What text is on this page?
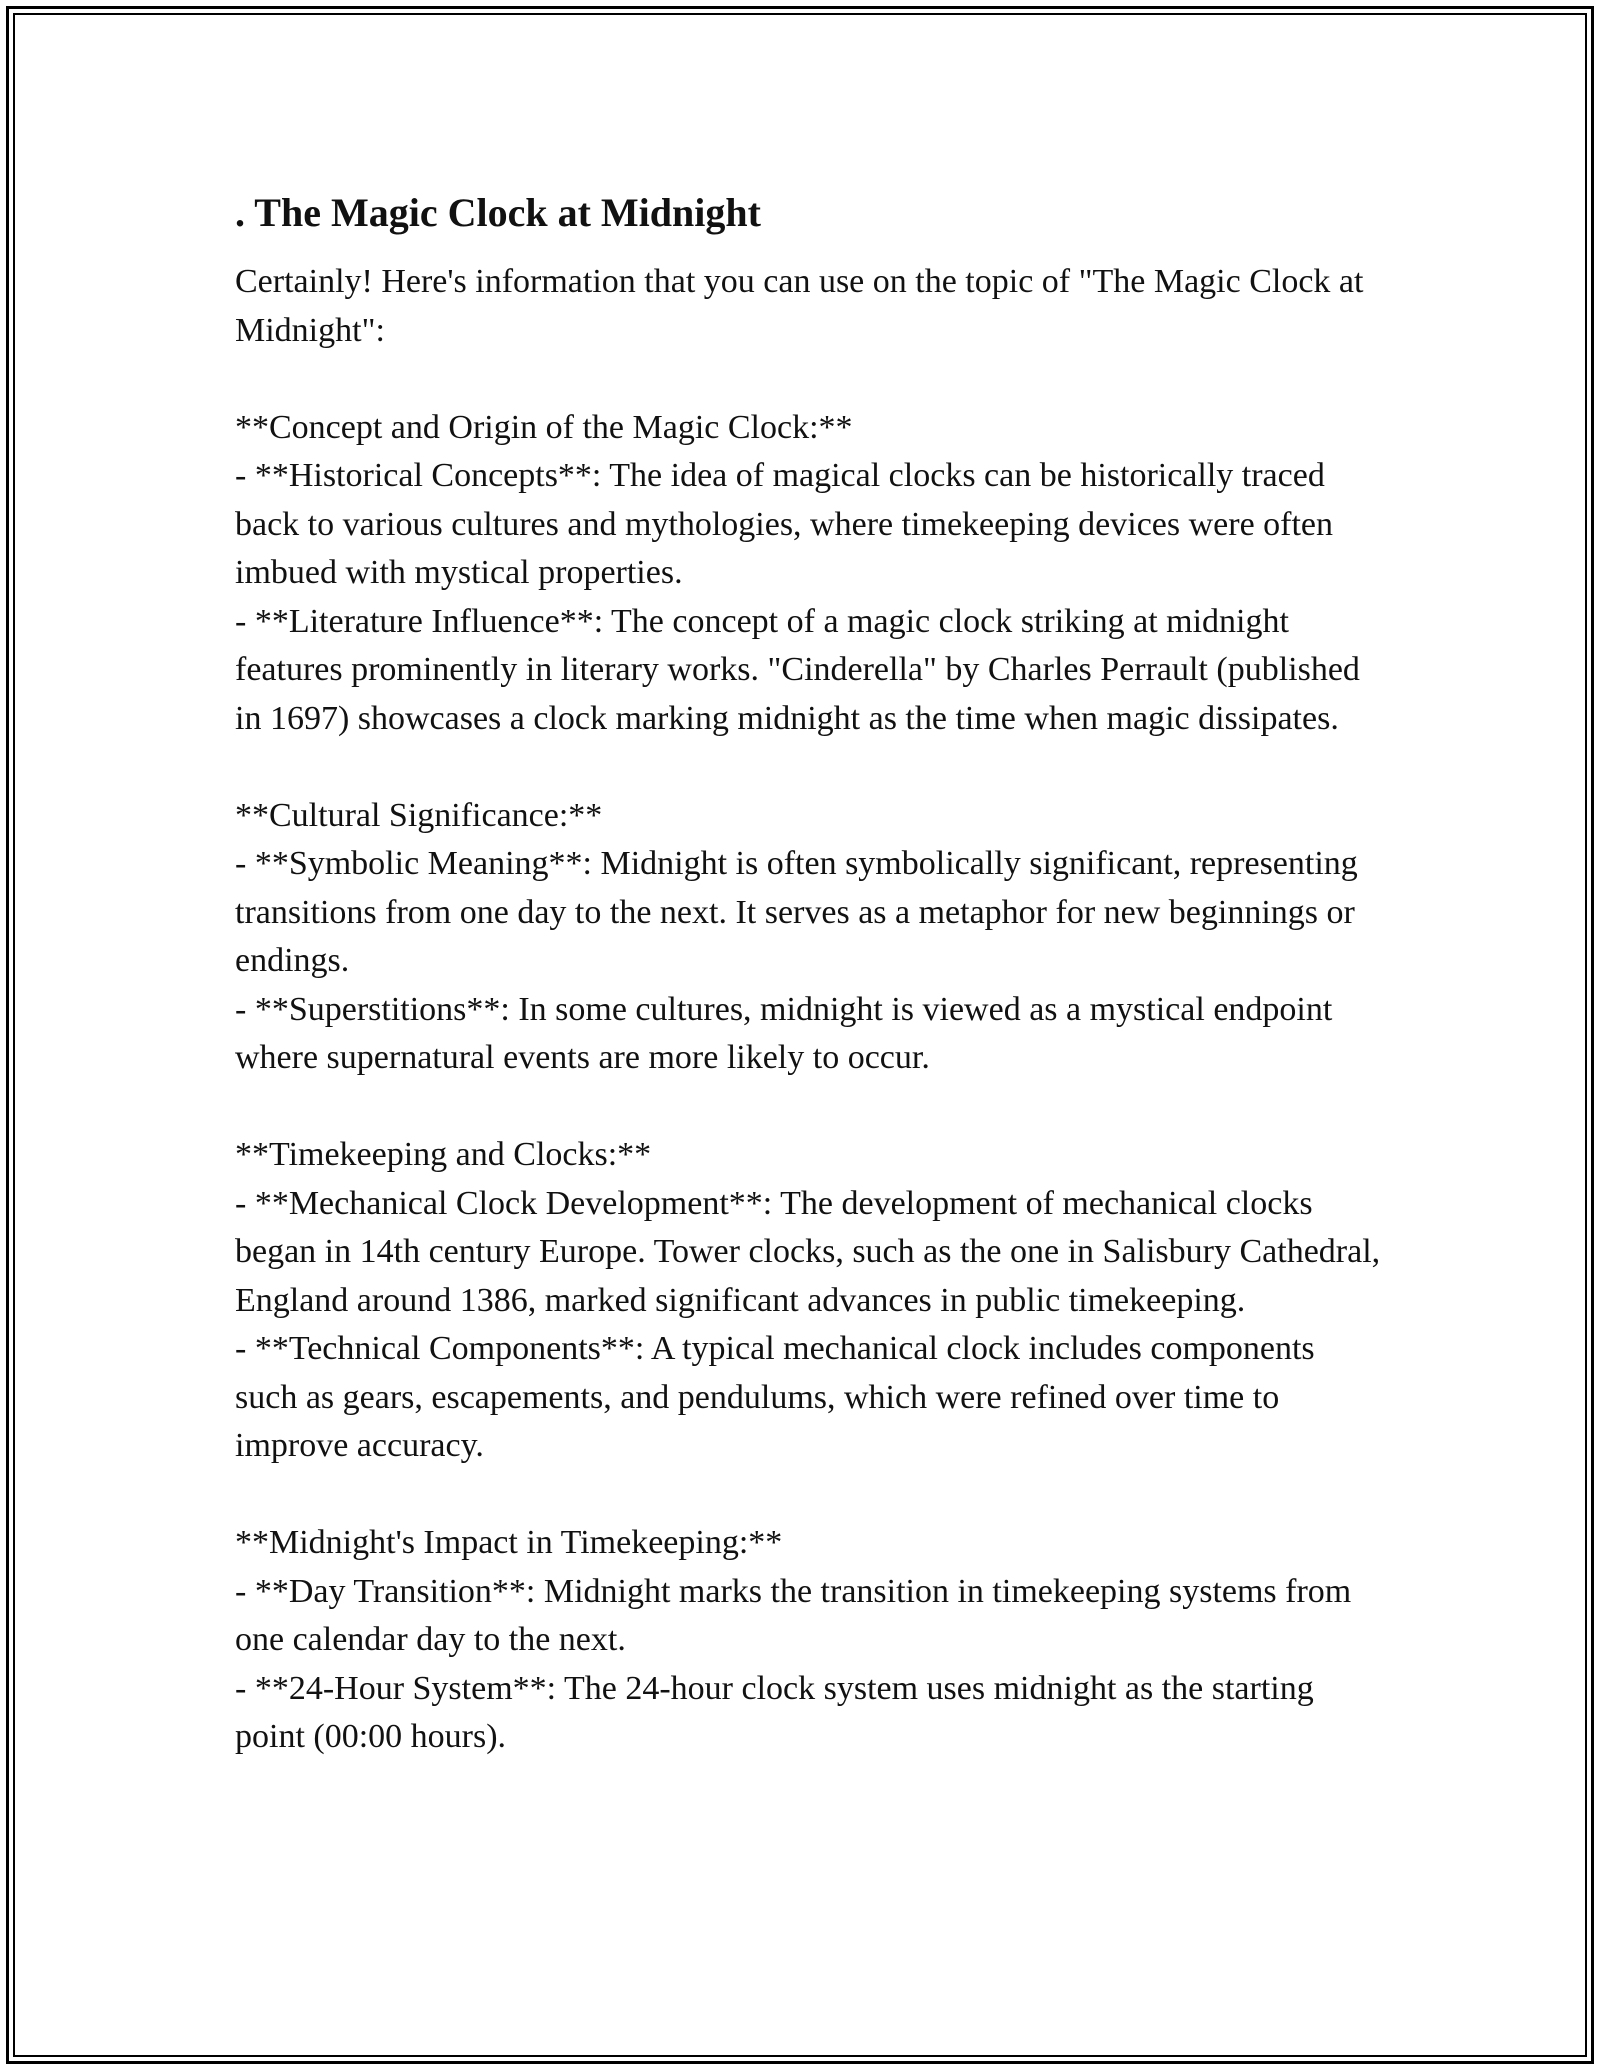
. The Magic Clock at Midnight

Certainly! Here's information that you can use on the topic of "The Magic Clock at Midnight":

**Concept and Origin of the Magic Clock:**
- **Historical Concepts**: The idea of magical clocks can be historically traced back to various cultures and mythologies, where timekeeping devices were often imbued with mystical properties.
- **Literature Influence**: The concept of a magic clock striking at midnight features prominently in literary works. "Cinderella" by Charles Perrault (published in 1697) showcases a clock marking midnight as the time when magic dissipates.

**Cultural Significance:**
- **Symbolic Meaning**: Midnight is often symbolically significant, representing transitions from one day to the next. It serves as a metaphor for new beginnings or endings.
- **Superstitions**: In some cultures, midnight is viewed as a mystical endpoint where supernatural events are more likely to occur.

**Timekeeping and Clocks:**
- **Mechanical Clock Development**: The development of mechanical clocks began in 14th century Europe. Tower clocks, such as the one in Salisbury Cathedral, England around 1386, marked significant advances in public timekeeping.
- **Technical Components**: A typical mechanical clock includes components such as gears, escapements, and pendulums, which were refined over time to improve accuracy.

**Midnight's Impact in Timekeeping:**
- **Day Transition**: Midnight marks the transition in timekeeping systems from one calendar day to the next.
- **24-Hour System**: The 24-hour clock system uses midnight as the starting point (00:00 hours).
